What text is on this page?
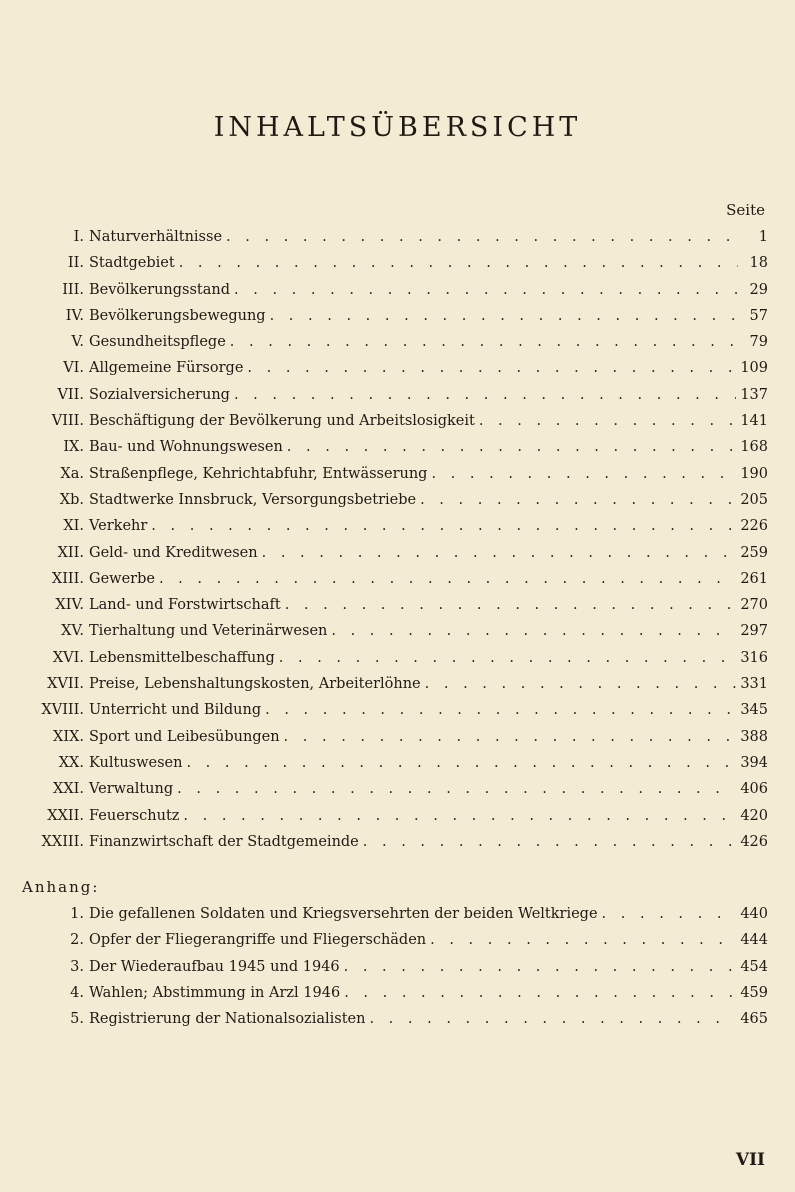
INHALTSÜBERSICHT
Seite
I. Naturverhältnisse . . .	1
II. Stadtgebiet . . .	18
III. Bevölkerungsstand . . .	29
IV. Bevölkerungsbewegung . . .	57
V. Gesundheitspflege . . .	79
VI. Allgemeine Fürsorge . . .	109
VII. Sozialversicherung . . .	137
VIII. Beschäftigung der Bevölkerung und Arbeitslosigkeit . . .	141
IX. Bau- und Wohnungswesen . . .	168
Xa. Straßenpflege, Kehrichtabfuhr, Entwässerung . . .	190
Xb. Stadtwerke Innsbruck, Versorgungsbetriebe . . .	205
XI. Verkehr . . .	226
XII. Geld- und Kreditwesen . . .	259
XIII. Gewerbe . . .	261
XIV. Land- und Forstwirtschaft . . .	270
XV. Tierhaltung und Veterinärwesen . . .	297
XVI. Lebensmittelbeschaffung . . .	316
XVII. Preise, Lebenshaltungskosten, Arbeiterlöhne . . .	331
XVIII. Unterricht und Bildung . . .	345
XIX. Sport und Leibesübungen . . .	388
XX. Kultuswesen . . .	394
XXI. Verwaltung . . .	406
XXII. Feuerschutz . . .	420
XXIII. Finanzwirtschaft der Stadtgemeinde . . .	426
Anhang:
1. Die gefallenen Soldaten und Kriegsversehrten der beiden Weltkriege . . .	440
2. Opfer der Fliegerangriffe und Fliegerschäden . . .	444
3. Der Wiederaufbau 1945 und 1946 . . .	454
4. Wahlen; Abstimmung in Arzl 1946 . . .	459
5. Registrierung der Nationalsozialisten . . .	465
VII
